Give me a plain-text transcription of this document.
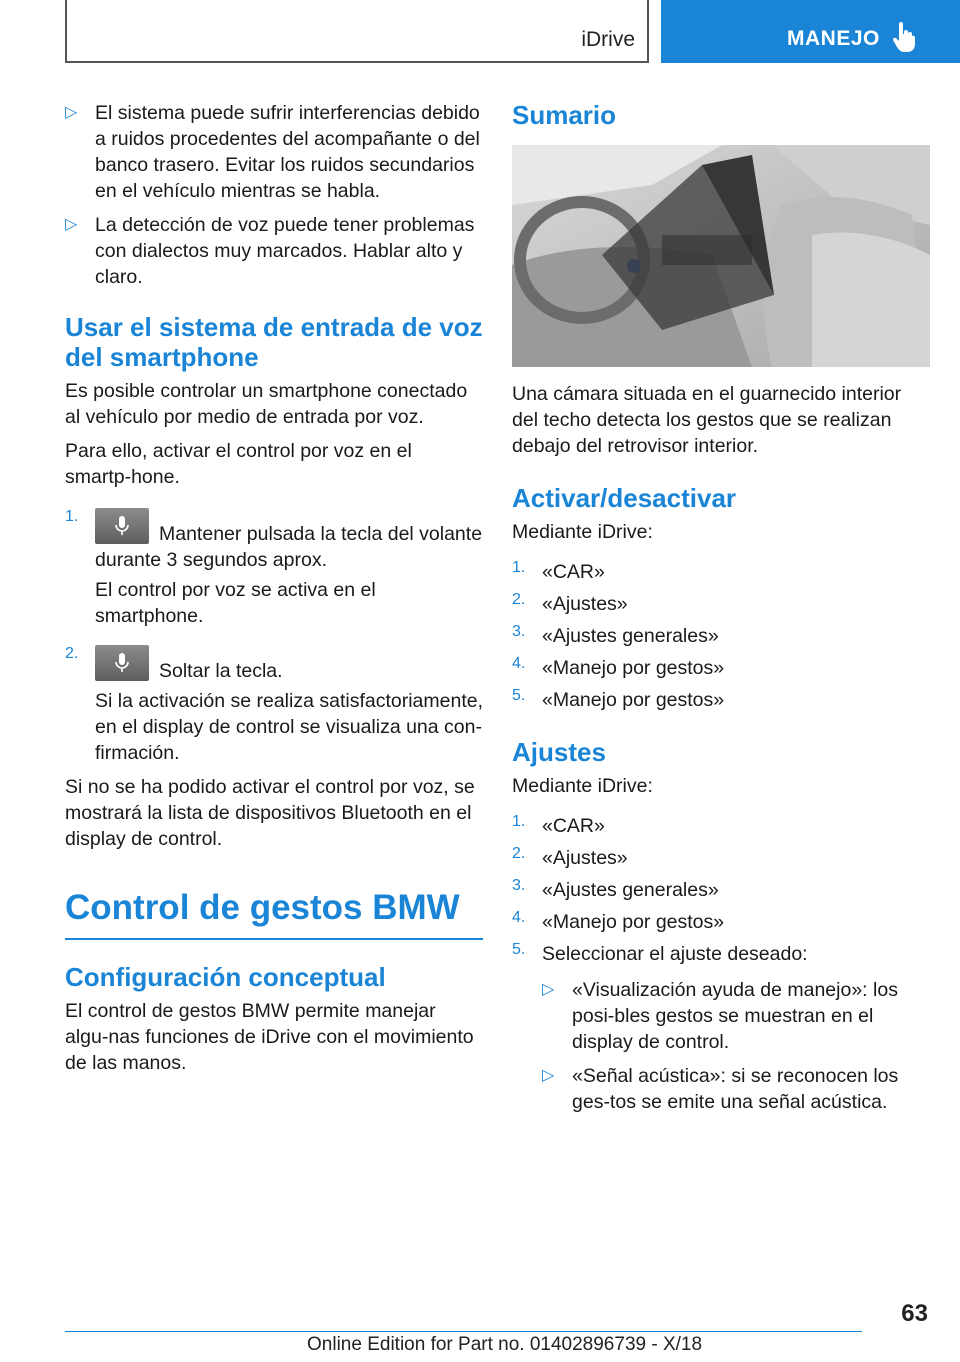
iDrive	MANEJO
▷ El sistema puede sufrir interferencias debido a ruidos procedentes del acompañante o del banco trasero. Evitar los ruidos secundarios en el vehículo mientras se habla.

▷ La detección de voz puede tener problemas con dialectos muy marcados. Hablar alto y claro.

Usar el sistema de entrada de voz del smartphone

Es posible controlar un smartphone conectado al vehículo por medio de entrada por voz.

Para ello, activar el control por voz en el smartp‐hone.

1.

Mantener pulsada la tecla del volante durante 3 segundos aprox.

El control por voz se activa en el smartphone.

2.

Soltar la tecla.

Si la activación se realiza satisfactoriamente, en el display de control se visualiza una con‐firmación.

Si no se ha podido activar el control por voz, se mostrará la lista de dispositivos Bluetooth en el display de control.

Control de gestos BMW
Configuración conceptual

El control de gestos BMW permite manejar algu‐nas funciones de iDrive con el movimiento de las manos.

Sumario

Una cámara situada en el guarnecido interior del techo detecta los gestos que se realizan debajo del retrovisor interior.

Activar/desactivar

Mediante iDrive:

1. «CAR»

2. «Ajustes»

3. «Ajustes generales»

4. «Manejo por gestos»

5. «Manejo por gestos»

Ajustes

Mediante iDrive:

1. «CAR»

2. «Ajustes»

3. «Ajustes generales»

4. «Manejo por gestos»

5. Seleccionar el ajuste deseado:

▷ «Visualización ayuda de manejo»: los posi‐bles gestos se muestran en el display de control.

▷ «Señal acústica»: si se reconocen los ges‐tos se emite una señal acústica.

63
Online Edition for Part no. 01402896739 - X/18
